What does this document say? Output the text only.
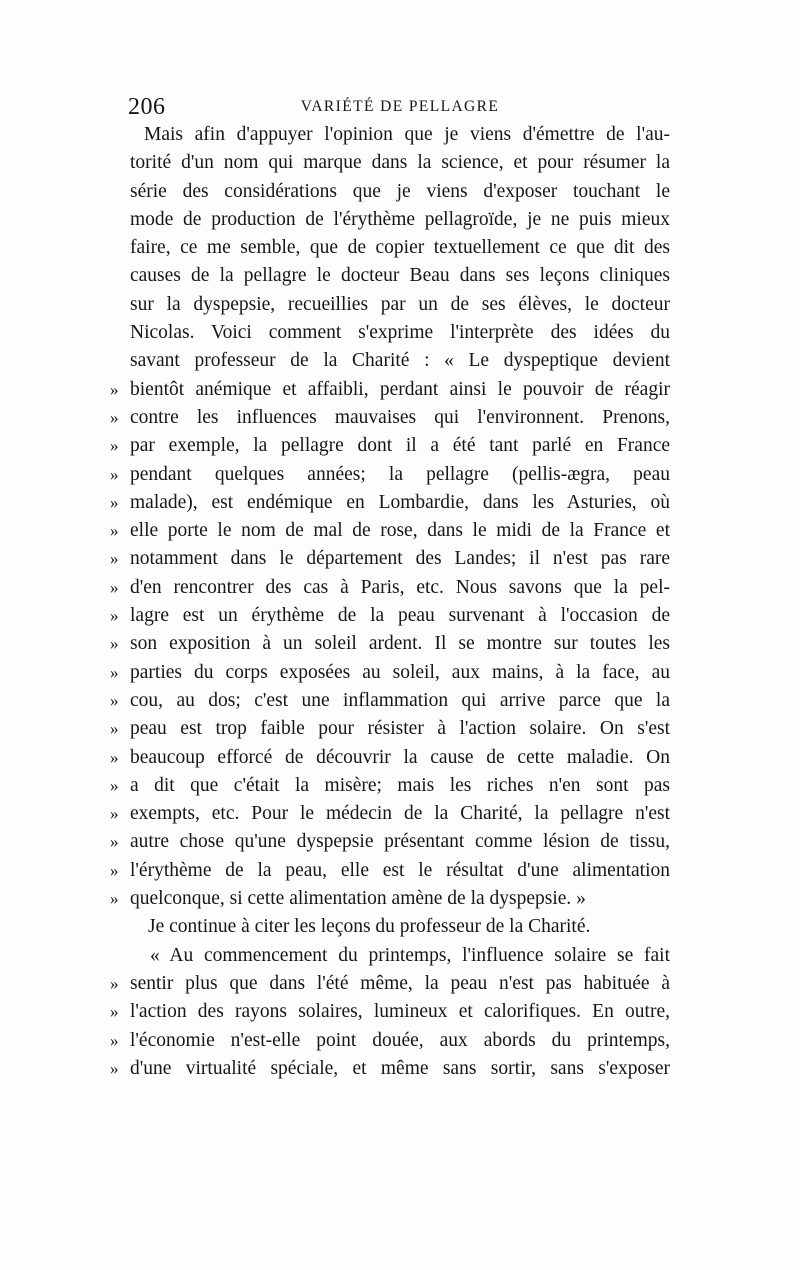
206	VARIÉTÉ DE PELLAGRE
Mais afin d'appuyer l'opinion que je viens d'émettre de l'au-
torité d'un nom qui marque dans la science, et pour résumer la
série des considérations que je viens d'exposer touchant le
mode de production de l'érythème pellagroïde, je ne puis mieux
faire, ce me semble, que de copier textuellement ce que dit des
causes de la pellagre le docteur Beau dans ses leçons cliniques
sur la dyspepsie, recueillies par un de ses élèves, le docteur
Nicolas. Voici comment s'exprime l'interprète des idées du
savant professeur de la Charité : « Le dyspeptique devient
» bientôt anémique et affaibli, perdant ainsi le pouvoir de réagir
» contre les influences mauvaises qui l'environnent. Prenons,
» par exemple, la pellagre dont il a été tant parlé en France
» pendant quelques années; la pellagre (pellis-ægra, peau
» malade), est endémique en Lombardie, dans les Asturies, où
» elle porte le nom de mal de rose, dans le midi de la France et
» notamment dans le département des Landes; il n'est pas rare
» d'en rencontrer des cas à Paris, etc. Nous savons que la pel-
» lagre est un érythème de la peau survenant à l'occasion de
» son exposition à un soleil ardent. Il se montre sur toutes les
» parties du corps exposées au soleil, aux mains, à la face, au
» cou, au dos; c'est une inflammation qui arrive parce que la
» peau est trop faible pour résister à l'action solaire. On s'est
» beaucoup efforcé de découvrir la cause de cette maladie. On
» a dit que c'était la misère; mais les riches n'en sont pas
» exempts, etc. Pour le médecin de la Charité, la pellagre n'est
» autre chose qu'une dyspepsie présentant comme lésion de tissu,
» l'érythème de la peau, elle est le résultat d'une alimentation
» quelconque, si cette alimentation amène de la dyspepsie. »
Je continue à citer les leçons du professeur de la Charité.
« Au commencement du printemps, l'influence solaire se fait
» sentir plus que dans l'été même, la peau n'est pas habituée à
» l'action des rayons solaires, lumineux et calorifiques. En outre,
» l'économie n'est-elle point douée, aux abords du printemps,
» d'une virtualité spéciale, et même sans sortir, sans s'exposer
